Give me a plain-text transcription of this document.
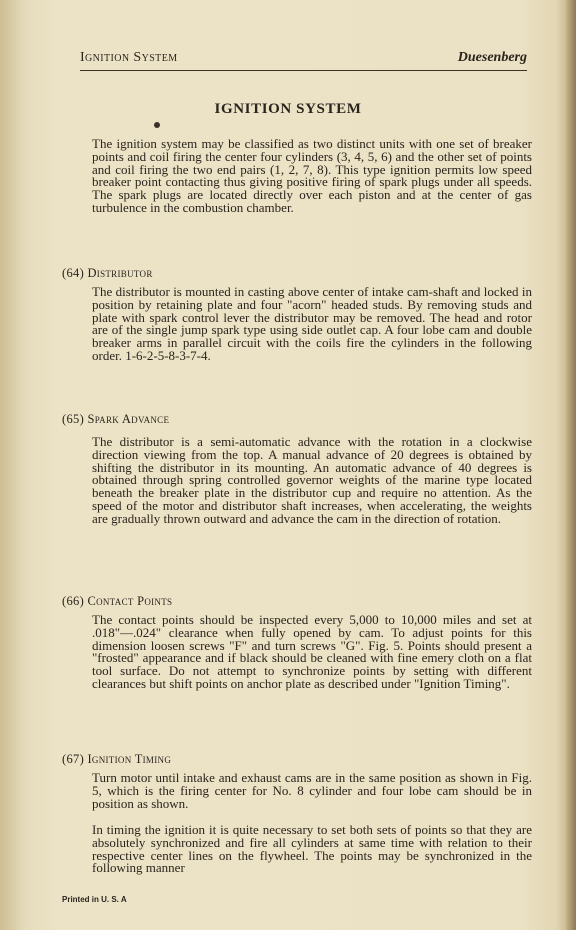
Ignition System	Duesenberg
IGNITION SYSTEM
The ignition system may be classified as two distinct units with one set of breaker points and coil firing the center four cylinders (3, 4, 5, 6) and the other set of points and coil firing the two end pairs (1, 2, 7, 8). This type ignition permits low speed breaker point contacting thus giving positive firing of spark plugs under all speeds. The spark plugs are located directly over each piston and at the center of gas turbulence in the combustion chamber.
(64) Distributor
The distributor is mounted in casting above center of intake cam-shaft and locked in position by retaining plate and four "acorn" headed studs. By removing studs and plate with spark control lever the distributor may be removed. The head and rotor are of the single jump spark type using side outlet cap. A four lobe cam and double breaker arms in parallel circuit with the coils fire the cylinders in the following order. 1-6-2-5-8-3-7-4.
(65) Spark Advance
The distributor is a semi-automatic advance with the rotation in a clockwise direction viewing from the top. A manual advance of 20 degrees is obtained by shifting the distributor in its mounting. An automatic advance of 40 degrees is obtained through spring controlled governor weights of the marine type located beneath the breaker plate in the distributor cup and require no attention. As the speed of the motor and distributor shaft increases, when accelerating, the weights are gradually thrown outward and advance the cam in the direction of rotation.
(66) Contact Points
The contact points should be inspected every 5,000 to 10,000 miles and set at .018"—.024" clearance when fully opened by cam. To adjust points for this dimension loosen screws "F" and turn screws "G". Fig. 5. Points should present a "frosted" appearance and if black should be cleaned with fine emery cloth on a flat tool surface. Do not attempt to synchronize points by setting with different clearances but shift points on anchor plate as described under "Ignition Timing".
(67) Ignition Timing
Turn motor until intake and exhaust cams are in the same position as shown in Fig. 5, which is the firing center for No. 8 cylinder and four lobe cam should be in position as shown.
In timing the ignition it is quite necessary to set both sets of points so that they are absolutely synchronized and fire all cylinders at same time with relation to their respective center lines on the flywheel. The points may be synchronized in the following manner
Printed in U. S. A
